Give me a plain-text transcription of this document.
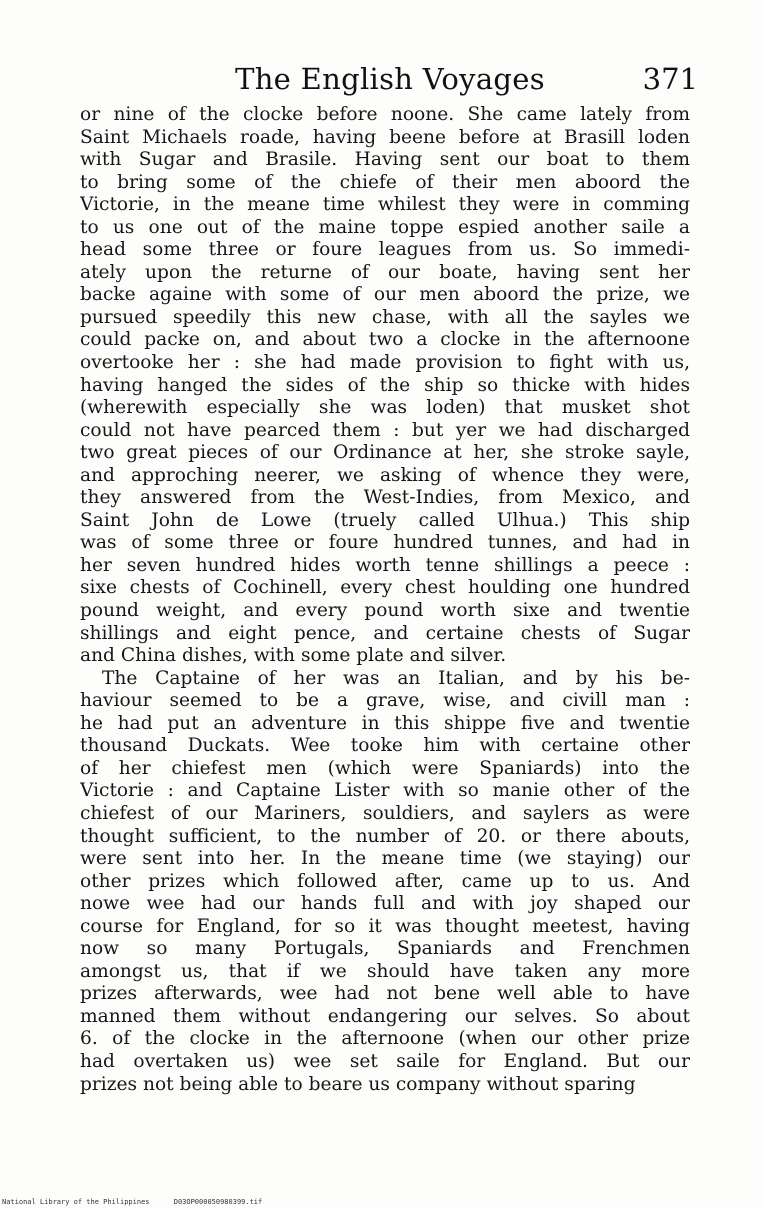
The English Voyages	371
or nine of the clocke before noone. She came lately from
Saint Michaels roade, having beene before at Brasill loden
with Sugar and Brasile. Having sent our boat to them
to bring some of the chiefe of their men aboord the
Victorie, in the meane time whilest they were in comming
to us one out of the maine toppe espied another saile a
head some three or foure leagues from us. So immedi-
ately upon the returne of our boate, having sent her
backe againe with some of our men aboord the prize, we
pursued speedily this new chase, with all the sayles we
could packe on, and about two a clocke in the afternoone
overtooke her : she had made provision to fight with us,
having hanged the sides of the ship so thicke with hides
(wherewith especially she was loden) that musket shot
could not have pearced them : but yer we had discharged
two great pieces of our Ordinance at her, she stroke sayle,
and approching neerer, we asking of whence they were,
they answered from the West-Indies, from Mexico, and
Saint John de Lowe (truely called Ulhua.) This ship
was of some three or foure hundred tunnes, and had in
her seven hundred hides worth tenne shillings a peece :
sixe chests of Cochinell, every chest houlding one hundred
pound weight, and every pound worth sixe and twentie
shillings and eight pence, and certaine chests of Sugar
and China dishes, with some plate and silver.
The Captaine of her was an Italian, and by his be-
haviour seemed to be a grave, wise, and civill man :
he had put an adventure in this shippe five and twentie
thousand Duckats. Wee tooke him with certaine other
of her chiefest men (which were Spaniards) into the
Victorie : and Captaine Lister with so manie other of the
chiefest of our Mariners, souldiers, and saylers as were
thought sufficient, to the number of 20. or there abouts,
were sent into her. In the meane time (we staying) our
other prizes which followed after, came up to us. And
nowe wee had our hands full and with joy shaped our
course for England, for so it was thought meetest, having
now so many Portugals, Spaniards and Frenchmen
amongst us, that if we should have taken any more
prizes afterwards, wee had not bene well able to have
manned them without endangering our selves. So about
6. of the clocke in the afternoone (when our other prize
had overtaken us) wee set saile for England. But our
prizes not being able to beare us company without sparing
National Library of the Philippines	D03OP000050980399.tif
